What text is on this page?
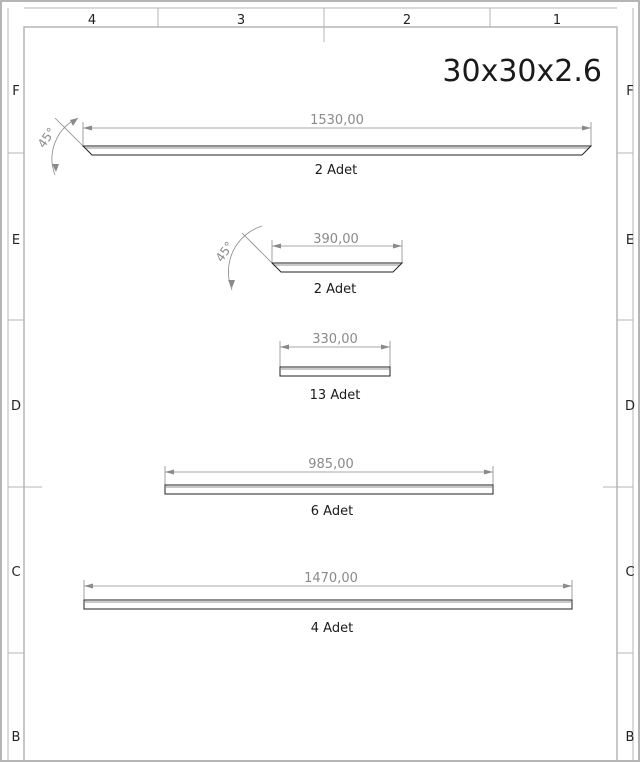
4	3	2	1
F
E
D
C
B
F
E
D
C
B
30x30x2.6
1530,00
45°
2 Adet
390,00
45°
2 Adet
330,00
13 Adet
985,00
6 Adet
1470,00
4 Adet
